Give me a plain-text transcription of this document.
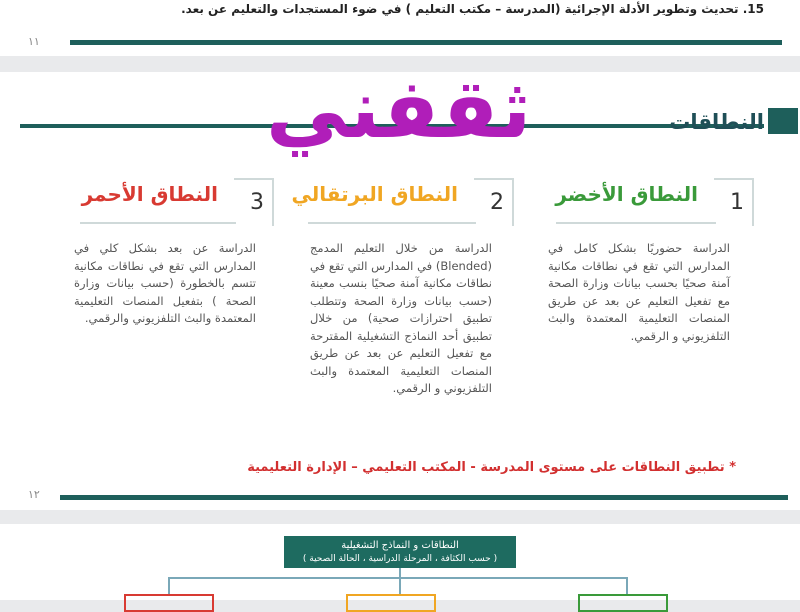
15. تحديث وتطوير الأدلة الإجرائية (المدرسة – مكتب التعليم ) في ضوء المستجدات والتعليم عن بعد.
١١
النطاقات
ثقفني
1
النطاق الأخضر
الدراسة حضوريًا بشكل كامل في المدارس التي تقع في نطاقات مكانية آمنة صحيًا بحسب بيانات وزارة الصحة مع تفعيل التعليم عن بعد عن طريق المنصات التعليمية المعتمدة والبث التلفزيوني و الرقمي.
2
النطاق البرتقالي
الدراسة من خلال التعليم المدمج (Blended) في المدارس التي تقع في نطاقات مكانية آمنة صحيًا بنسب معينة (حسب بيانات وزارة الصحة وتتطلب تطبيق احترازات صحية) من خلال تطبيق أحد النماذج التشغيلية المقترحة مع تفعيل التعليم عن بعد عن طريق المنصات التعليمية المعتمدة والبث التلفزيوني و الرقمي.
3
النطاق الأحمر
الدراسة عن بعد بشكل كلي في المدارس التي تقع في نطاقات مكانية تتسم بالخطورة (حسب بيانات وزارة الصحة ) بتفعيل المنصات التعليمية المعتمدة والبث التلفزيوني والرقمي.
* تطبيق النطاقات على مستوى المدرسة - المكتب التعليمي – الإدارة التعليمية
١٢
النطاقات و النماذج التشغيلية
( حسب الكثافة ، المرحلة الدراسية ، الحالة الصحية )
